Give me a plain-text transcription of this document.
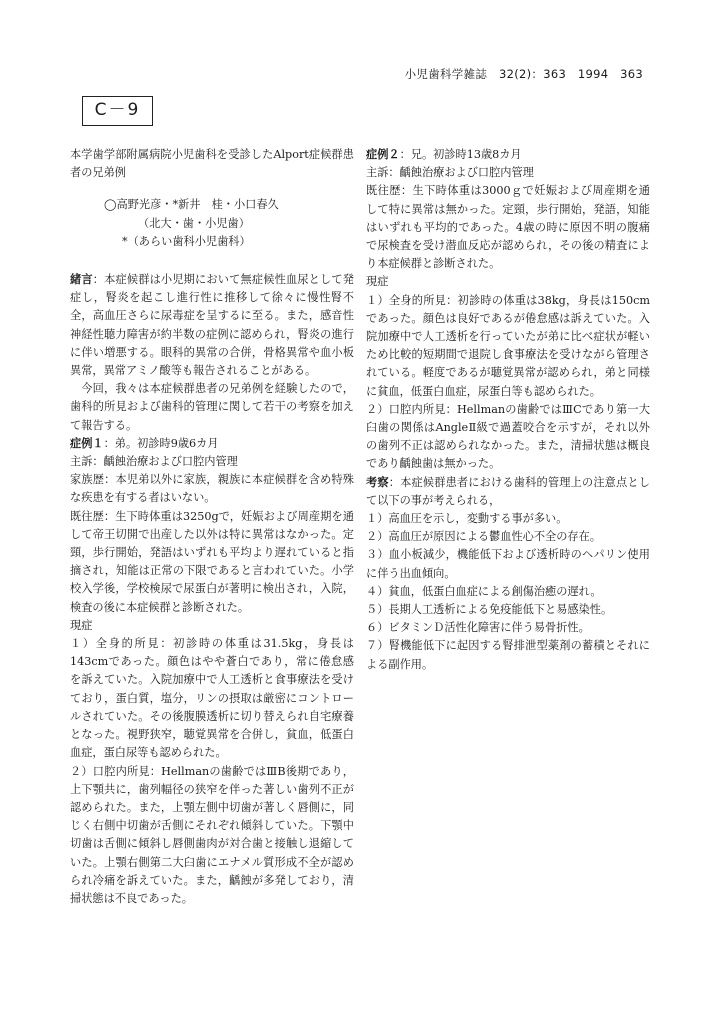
小児歯科学雑誌　32(2)：363　1994　363
C－9

本学歯学部附属病院小児歯科を受診したAlport症候群患者の兄弟例

◯高野光彦・*新井　桂・小口春久

（北大・歯・小児歯）

*（あらい歯科小児歯科）

緒言：本症候群は小児期において無症候性血尿として発症し，腎炎を起こし進行性に推移して徐々に慢性腎不全，高血圧さらに尿毒症を呈するに至る。また，感音性神経性聴力障害が約半数の症例に認められ，腎炎の進行に伴い増悪する。眼科的異常の合併，骨格異常や血小板異常，異常アミノ酸等も報告されることがある。

今回，我々は本症候群患者の兄弟例を経験したので，歯科的所見および歯科的管理に関して若干の考察を加えて報告する。

症例１：弟。初診時9歳6カ月

主訴：齲蝕治療および口腔内管理

家族歴：本児弟以外に家族，親族に本症候群を含め特殊な疾患を有する者はいない。

既往歴：生下時体重は3250gで，妊娠および周産期を通して帝王切開で出産した以外は特に異常はなかった。定頸，歩行開始，発語はいずれも平均より遅れていると指摘され，知能は正常の下限であると言われていた。小学校入学後，学校検尿で尿蛋白が著明に検出され，入院，検査の後に本症候群と診断された。

現症

１）全身的所見：初診時の体重は31.5kg，身長は143cmであった。顔色はやや蒼白であり，常に倦怠感を訴えていた。入院加療中で人工透析と食事療法を受けており，蛋白質，塩分，リンの摂取は厳密にコントロールされていた。その後腹膜透析に切り替えられ自宅療養となった。視野狭窄，聴覚異常を合併し，貧血，低蛋白血症，蛋白尿等も認められた。

２）口腔内所見：Hellmanの歯齢ではⅢB後期であり，上下顎共に，歯列幅径の狭窄を伴った著しい歯列不正が認められた。また，上顎左側中切歯が著しく唇側に，同じく右側中切歯が舌側にそれぞれ傾斜していた。下顎中切歯は舌側に傾斜し唇側歯肉が対合歯と接触し退縮していた。上顎右側第二大臼歯にエナメル質形成不全が認められ冷痛を訴えていた。また，齲蝕が多発しており，清掃状態は不良であった。

症例２：兄。初診時13歳8カ月

主訴：齲蝕治療および口腔内管理

既往歴：生下時体重は3000ｇで妊娠および周産期を通して特に異常は無かった。定頸，歩行開始，発語，知能はいずれも平均的であった。4歳の時に原因不明の腹痛で尿検査を受け潜血反応が認められ，その後の精査により本症候群と診断された。

現症

１）全身的所見：初診時の体重は38kg，身長は150cmであった。顔色は良好であるが倦怠感は訴えていた。入院加療中で人工透析を行っていたが弟に比べ症状が軽いため比較的短期間で退院し食事療法を受けながら管理されている。軽度であるが聴覚異常が認められ，弟と同様に貧血，低蛋白血症，尿蛋白等も認められた。

２）口腔内所見：Hellmanの歯齢ではⅢCであり第一大臼歯の関係はAngleⅡ級で過蓋咬合を示すが，それ以外の歯列不正は認められなかった。また，清掃状態は概良であり齲蝕歯は無かった。

考察：本症候群患者における歯科的管理上の注意点として以下の事が考えられる，

１）高血圧を示し，変動する事が多い。

２）高血圧が原因による鬱血性心不全の存在。

３）血小板減少，機能低下および透析時のヘパリン使用に伴う出血傾向。

４）貧血，低蛋白血症による創傷治癒の遅れ。

５）長期人工透析による免疫能低下と易感染性。

６）ビタミンＤ活性化障害に伴う易骨折性。

７）腎機能低下に起因する腎排泄型薬剤の蓄積とそれによる副作用。
